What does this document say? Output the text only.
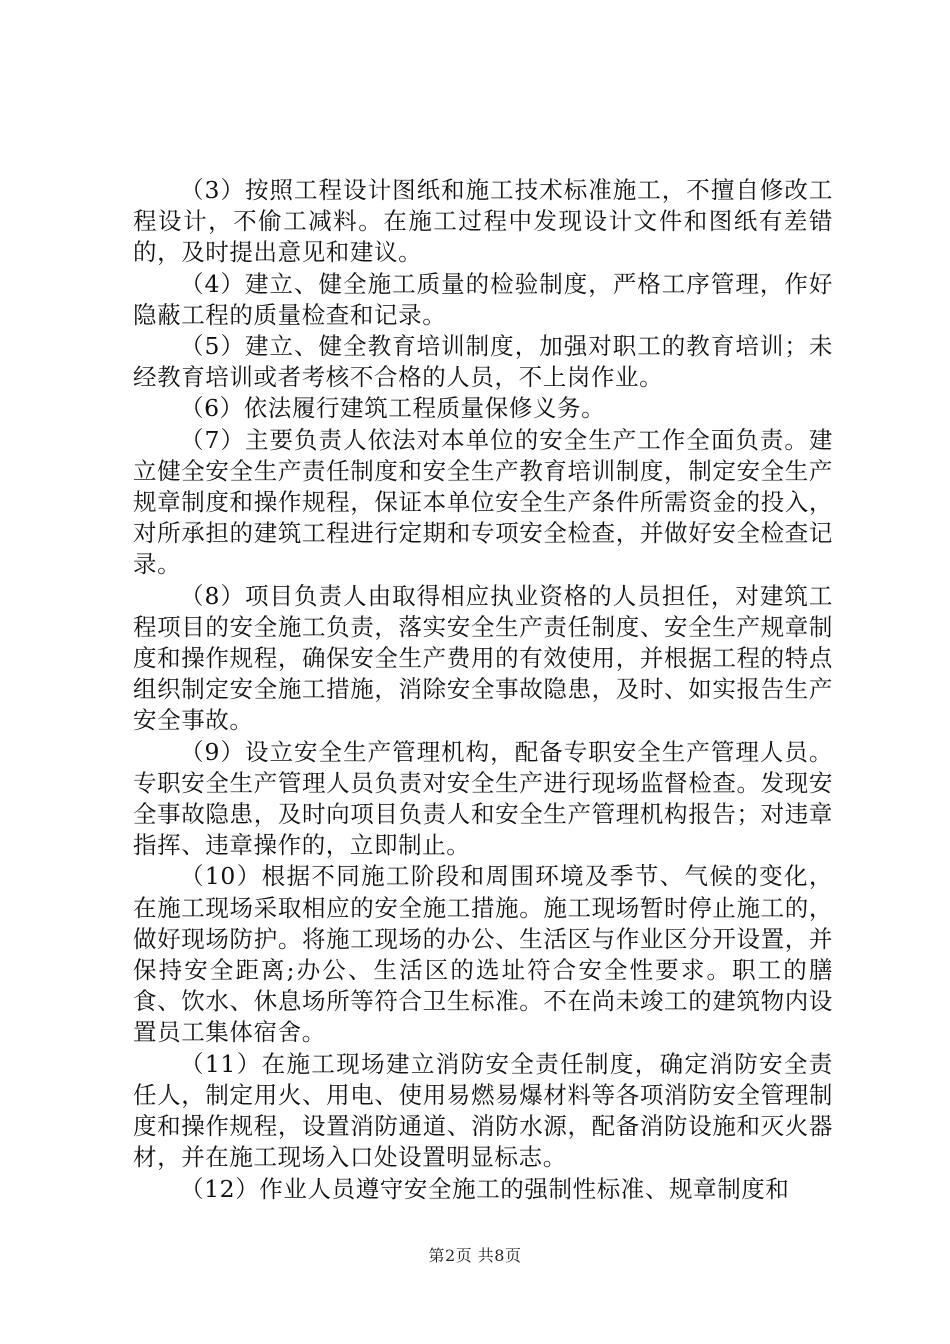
（3）按照工程设计图纸和施工技术标准施工，不擅自修改工程设计，不偷工减料。在施工过程中发现设计文件和图纸有差错的，及时提出意见和建议。

（4）建立、健全施工质量的检验制度，严格工序管理，作好隐蔽工程的质量检查和记录。

（5）建立、健全教育培训制度，加强对职工的教育培训；未经教育培训或者考核不合格的人员，不上岗作业。

（6）依法履行建筑工程质量保修义务。

（7）主要负责人依法对本单位的安全生产工作全面负责。建立健全安全生产责任制度和安全生产教育培训制度，制定安全生产规章制度和操作规程，保证本单位安全生产条件所需资金的投入，对所承担的建筑工程进行定期和专项安全检查，并做好安全检查记录。

（8）项目负责人由取得相应执业资格的人员担任，对建筑工程项目的安全施工负责，落实安全生产责任制度、安全生产规章制度和操作规程，确保安全生产费用的有效使用，并根据工程的特点组织制定安全施工措施，消除安全事故隐患，及时、如实报告生产安全事故。

（9）设立安全生产管理机构，配备专职安全生产管理人员。专职安全生产管理人员负责对安全生产进行现场监督检查。发现安全事故隐患，及时向项目负责人和安全生产管理机构报告；对违章指挥、违章操作的，立即制止。

（10）根据不同施工阶段和周围环境及季节、气候的变化，在施工现场采取相应的安全施工措施。施工现场暂时停止施工的，做好现场防护。将施工现场的办公、生活区与作业区分开设置，并保持安全距离;办公、生活区的选址符合安全性要求。职工的膳食、饮水、休息场所等符合卫生标准。不在尚未竣工的建筑物内设置员工集体宿舍。

（11）在施工现场建立消防安全责任制度，确定消防安全责任人，制定用火、用电、使用易燃易爆材料等各项消防安全管理制度和操作规程，设置消防通道、消防水源，配备消防设施和灭火器材，并在施工现场入口处设置明显标志。

（12）作业人员遵守安全施工的强制性标准、规章制度和

第2页 共8页
